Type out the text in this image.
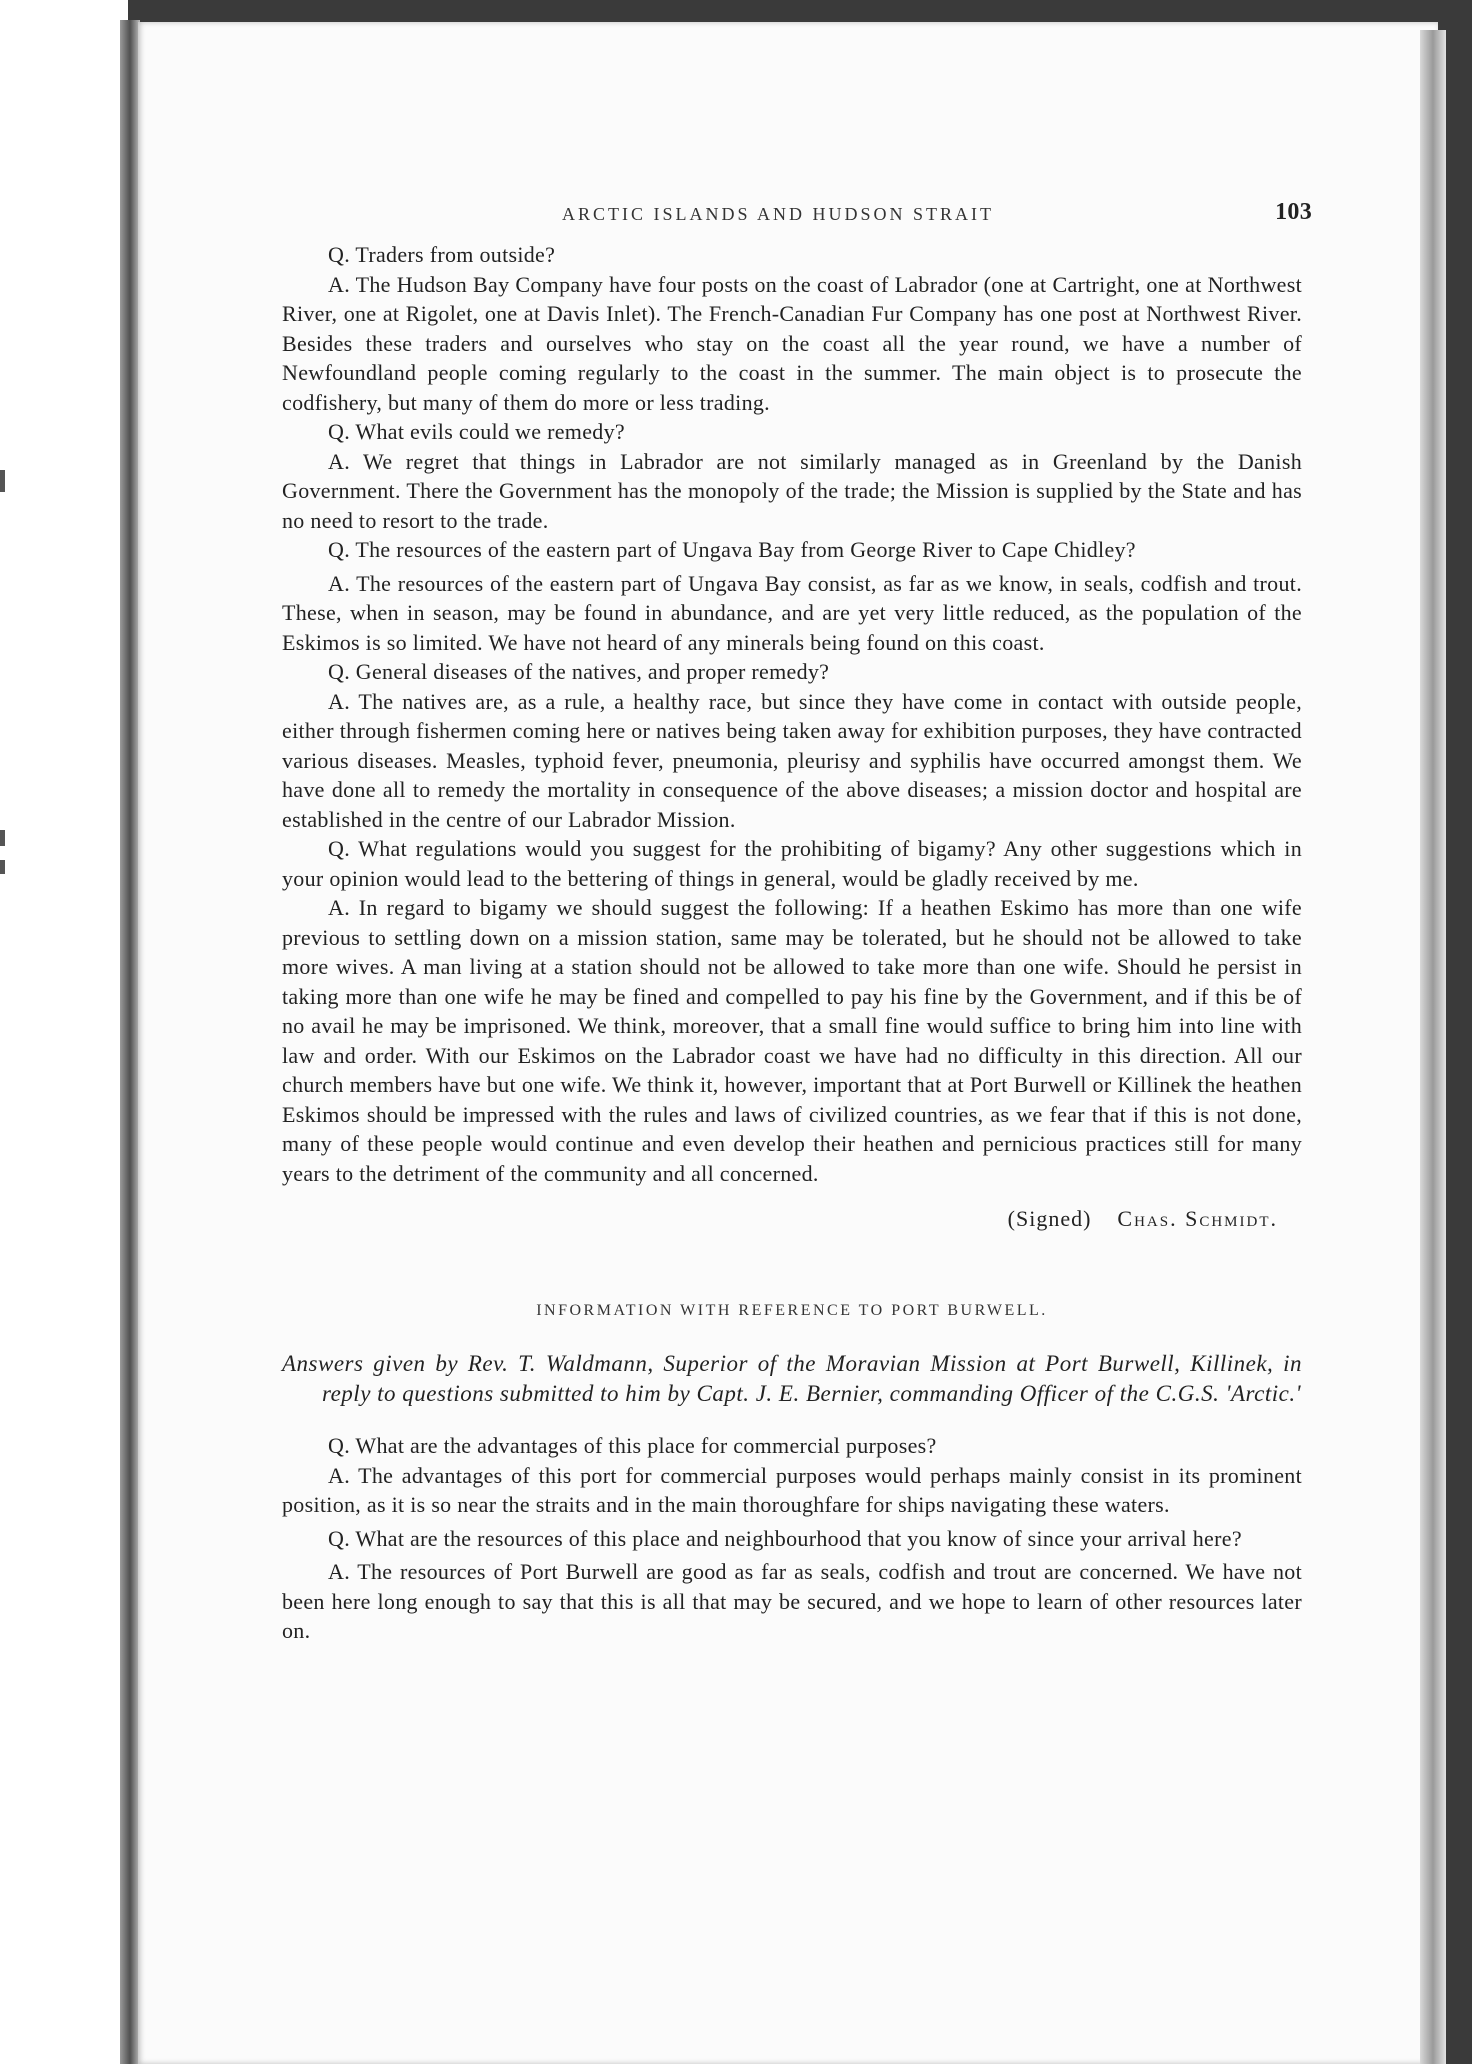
ARCTIC ISLANDS AND HUDSON STRAIT	103

Q. Traders from outside?

A. The Hudson Bay Company have four posts on the coast of Labrador (one at Cartright, one at Northwest River, one at Rigolet, one at Davis Inlet). The French-Canadian Fur Company has one post at Northwest River. Besides these traders and ourselves who stay on the coast all the year round, we have a number of Newfoundland people coming regularly to the coast in the summer. The main object is to prosecute the codfishery, but many of them do more or less trading.

Q. What evils could we remedy?

A. We regret that things in Labrador are not similarly managed as in Greenland by the Danish Government. There the Government has the monopoly of the trade; the Mission is supplied by the State and has no need to resort to the trade.

Q. The resources of the eastern part of Ungava Bay from George River to Cape Chidley?

A. The resources of the eastern part of Ungava Bay consist, as far as we know, in seals, codfish and trout. These, when in season, may be found in abundance, and are yet very little reduced, as the population of the Eskimos is so limited. We have not heard of any minerals being found on this coast.

Q. General diseases of the natives, and proper remedy?

A. The natives are, as a rule, a healthy race, but since they have come in contact with outside people, either through fishermen coming here or natives being taken away for exhibition purposes, they have contracted various diseases. Measles, typhoid fever, pneumonia, pleurisy and syphilis have occurred amongst them. We have done all to remedy the mortality in consequence of the above diseases; a mission doctor and hospital are established in the centre of our Labrador Mission.

Q. What regulations would you suggest for the prohibiting of bigamy? Any other suggestions which in your opinion would lead to the bettering of things in general, would be gladly received by me.

A. In regard to bigamy we should suggest the following: If a heathen Eskimo has more than one wife previous to settling down on a mission station, same may be tolerated, but he should not be allowed to take more wives. A man living at a station should not be allowed to take more than one wife. Should he persist in taking more than one wife he may be fined and compelled to pay his fine by the Government, and if this be of no avail he may be imprisoned. We think, moreover, that a small fine would suffice to bring him into line with law and order. With our Eskimos on the Labrador coast we have had no difficulty in this direction. All our church members have but one wife. We think it, however, important that at Port Burwell or Killinek the heathen Eskimos should be impressed with the rules and laws of civilized countries, as we fear that if this is not done, many of these people would continue and even develop their heathen and pernicious practices still for many years to the detriment of the community and all concerned.

(Signed) Chas. Schmidt.
INFORMATION WITH REFERENCE TO PORT BURWELL.

Answers given by Rev. T. Waldmann, Superior of the Moravian Mission at Port Burwell, Killinek, in reply to questions submitted to him by Capt. J. E. Bernier, commanding Officer of the C.G.S. 'Arctic.'

Q. What are the advantages of this place for commercial purposes?

A. The advantages of this port for commercial purposes would perhaps mainly consist in its prominent position, as it is so near the straits and in the main thoroughfare for ships navigating these waters.

Q. What are the resources of this place and neighbourhood that you know of since your arrival here?

A. The resources of Port Burwell are good as far as seals, codfish and trout are concerned. We have not been here long enough to say that this is all that may be secured, and we hope to learn of other resources later on.
